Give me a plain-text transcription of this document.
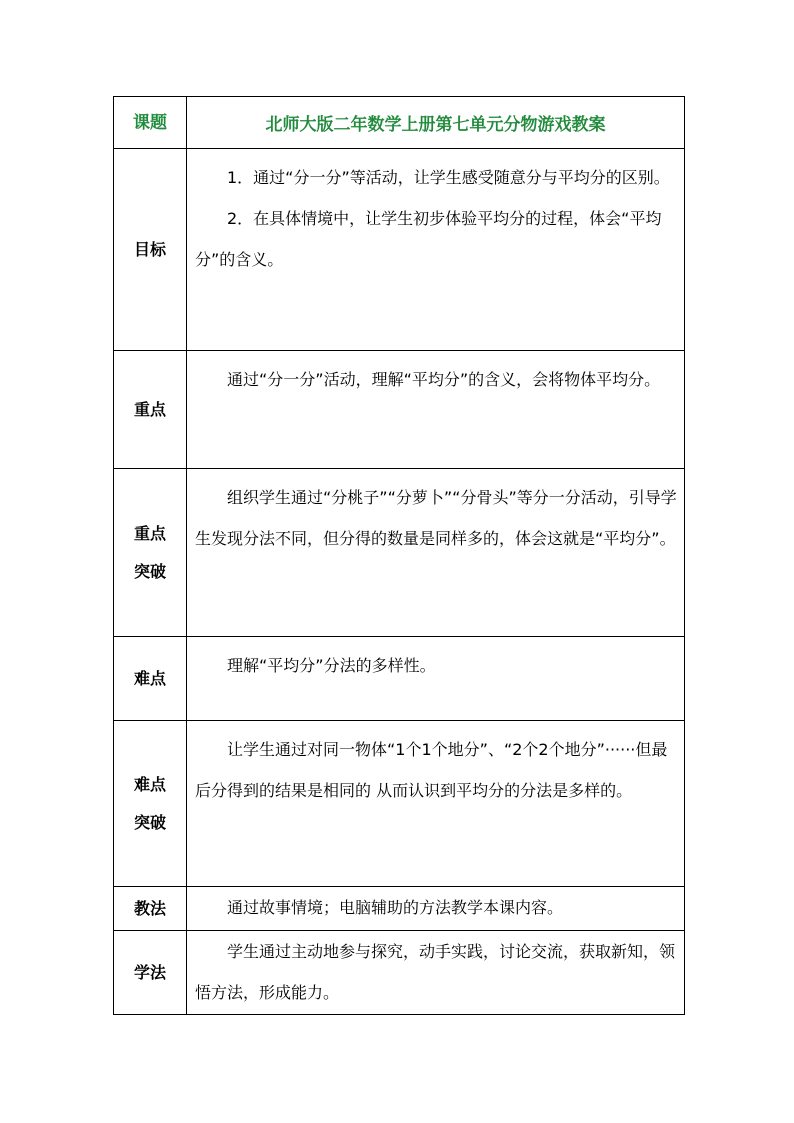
课题	北师大版二年数学上册第七单元分物游戏教案

目标	1．通过“分一分”等活动，让学生感受随意分与平均分的区别。

2．在具体情境中，让学生初步体验平均分的过程，体会“平均分”的含义。

重点	通过“分一分”活动，理解“平均分”的含义，会将物体平均分。

重点
突破	组织学生通过“分桃子”“分萝卜”“分骨头”等分一分活动，引导学生发现分法不同，但分得的数量是同样多的，体会这就是“平均分”。

难点	理解“平均分”分法的多样性。

难点
突破	让学生通过对同一物体“1个1个地分”、“2个2个地分”······但最后分得到的结果是相同的 从而认识到平均分的分法是多样的。

教法	通过故事情境；电脑辅助的方法教学本课内容。

学法	学生通过主动地参与探究，动手实践，讨论交流，获取新知，领悟方法，形成能力。
